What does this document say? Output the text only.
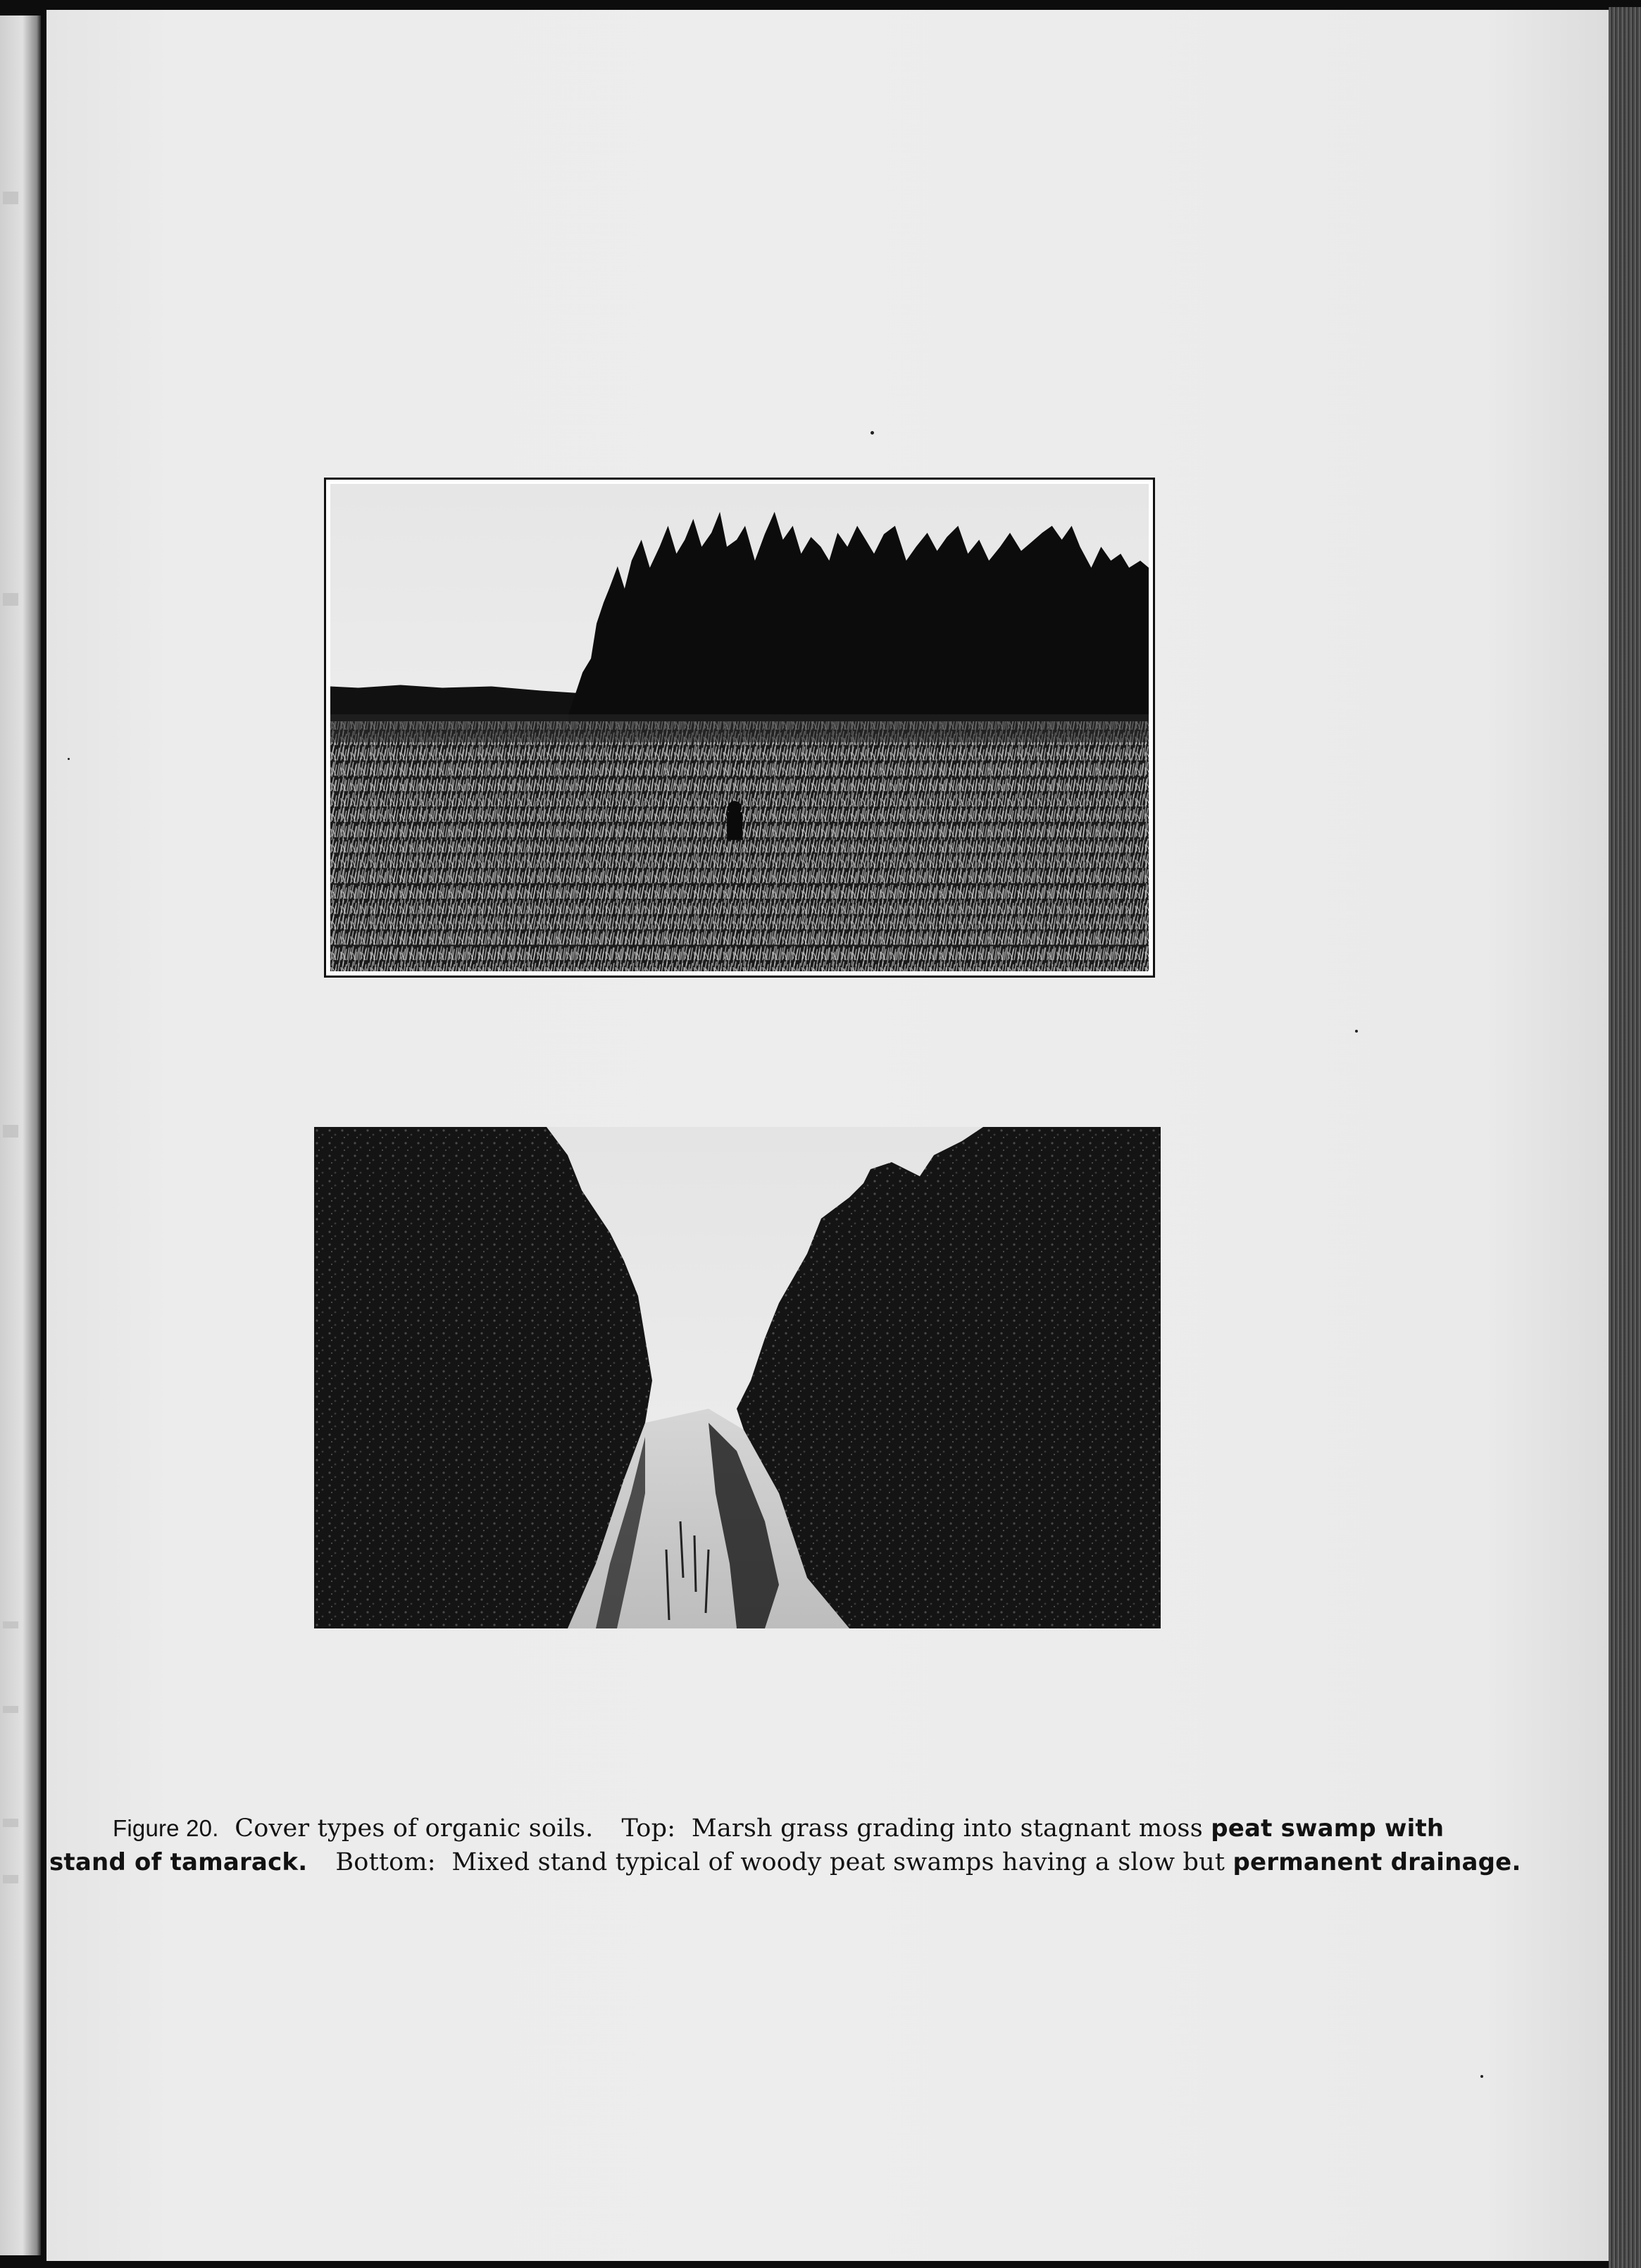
Figure 20. Cover types of organic soils. Top: Marsh grass grading into stagnant moss peat swamp with
stand of tamarack. Bottom: Mixed stand typical of woody peat swamps having a slow but permanent drainage.
